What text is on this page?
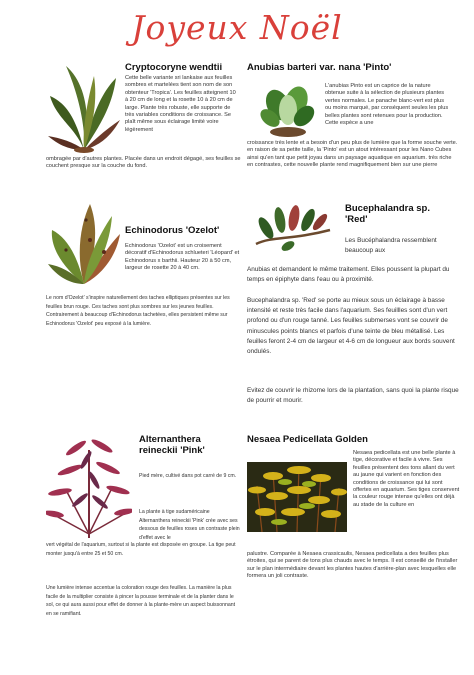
Joyeux Noël
Cryptocoryne wendtii
Cette belle variante sri lankaise aux feuilles sombres et martelées tient son nom de son obtenteur 'Tropica'. Les feuilles atteignent 10 à 20 cm de long et la rosette 10 à 20 cm de large. Plante très robuste, elle supporte de très variables conditions de croissance. Se plaît même sous éclairage limité voire légèrement
ombragée par d'autres plantes. Placée dans un endroit dégagé, ses feuilles se couchent presque sur la couche du fond.
Anubias barteri var. nana 'Pinto'
L'anubias Pinto est un caprice de la nature obtenue suite à la sélection de plusieurs plantes vertes normales. Le panache blanc-vert est plus ou moins marqué, par conséquent seules les plus belles plantes sont retenues pour la production. Cette espèce a une
croissance très lente et a besoin d'un peu plus de lumière que la forme souche verte. en raison de sa petite taille, la 'Pinto' est un atout intéressant pour les Nano Cubes ainsi qu'en tant que petit joyau dans un paysage aquatique en aquarium. très riche en contrastes, cette nouvelle plante rend magnifiquement bien sur une pierre
Echinodorus 'Ozelot'
Echinodorus 'Ozelot' est un croisement décoratif d'Echinodorus schlueteri 'Léopard' et Echinodorus x barthii. Hauteur 20 à 50 cm, largeur de rosette 20 à 40 cm.
Le nom d'Ozelot' s'inspire naturellement des taches elliptiques présentes sur les feuilles brun rouge. Ces taches sont plus sombres sur les jeunes feuilles. Contrairement à beaucoup d'Echinodorus tachetées, elles persistent même sur Echinodorus 'Ozelot' peu exposé à la lumière.
Bucephalandra sp.
'Red'
Les Bucéphalandra ressemblent beaucoup aux
Anubias et demandent le même traitement. Elles poussent la plupart du temps en épiphyte dans l'eau ou à proximité.
Bucephalandra sp. 'Red' se porte au mieux sous un éclairage à basse intensité et reste très facile dans l'aquarium. Ses feuillles sont d'un vert profond ou d'un rouge tanné. Les feuilles submerses vont se couvrir de minuscules points blancs et parfois d'une teinte de bleu métallisé. Les feuilles feront 2-4 cm de largeur et 4-6 cm de longueur aux bords souvent ondulés.
Evitez de couvrir le rhizome lors de la plantation, sans quoi la plante risque de pourrir et mourir.
Alternanthera
reineckii 'Pink'
Pied mère, cultivé dans pot carré de 9 cm.
La plante à tige sudaméricaine Alternanthera reineckii 'Pink' crée avec ses dessous de feuilles roses un contraste plein d'effet avec le
vert végétal de l'aquarium, surtout si la plante est disposée en groupe. La tige peut monter jusqu'à entre 25 et 50 cm.
Une lumière intense accentue la coloration rouge des feuilles. La manière la plus facile de la multiplier consiste à pincer la pousse terminale et de la planter dans le sol, ce qui aura aussi pour effet de donner à la plante-mère un aspect buissonnant en se ramifiant.
Nesaea Pedicellata Golden
Nesaea pedicellata est une belle plante à tige, décorative et facile à vivre. Ses feuilles présentent des tons allant du vert au jaune qui varient en fonction des conditions de croissance qui lui sont offertes en aquarium. Ses tiges conservent la couleur rouge intense qu'elles ont déjà au stade de la culture en
palustre. Comparée à Nesaea crassicaulis, Nesaea pedicellata a des feuilles plus étroites, qui se parent de tons plus chauds avec le temps. Il est conseillé de l'installer sur le plan intermédiaire devant les plantes hautes d'arrière-plan avec lesquelles elle formera un joli contraste.
